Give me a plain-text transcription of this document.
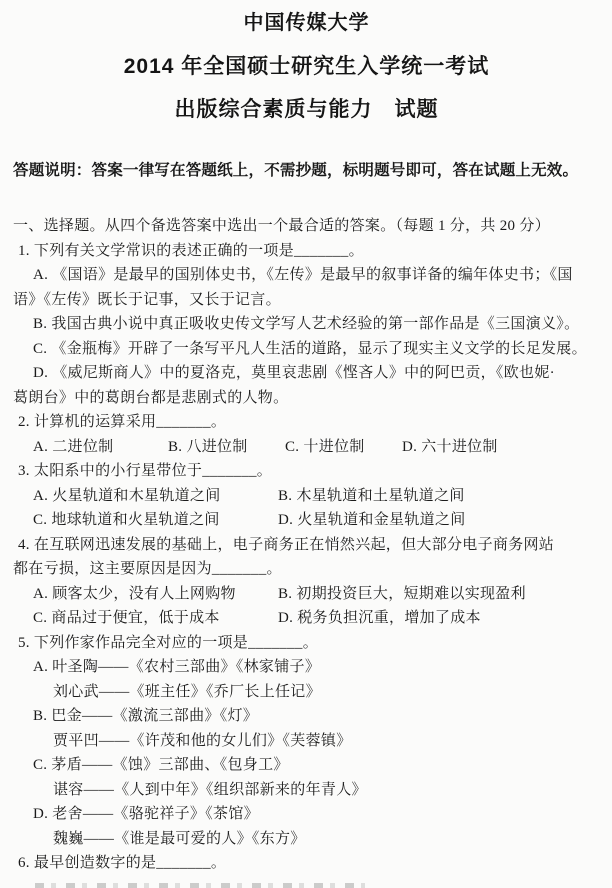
中国传媒大学
2014 年全国硕士研究生入学统一考试
出版综合素质与能力　试题
答题说明：答案一律写在答题纸上，不需抄题，标明题号即可，答在试题上无效。
一、选择题。从四个备选答案中选出一个最合适的答案。（每题 1 分，共 20 分）
1. 下列有关文学常识的表述正确的一项是_______。
A. 《国语》是最早的国别体史书，《左传》是最早的叙事详备的编年体史书；《国
语》《左传》既长于记事，又长于记言。
B. 我国古典小说中真正吸收史传文学写人艺术经验的第一部作品是《三国演义》。
C. 《金瓶梅》开辟了一条写平凡人生活的道路，显示了现实主义文学的长足发展。
D. 《威尼斯商人》中的夏洛克，莫里哀悲剧《悭吝人》中的阿巴贡，《欧也妮·
葛朗台》中的葛朗台都是悲剧式的人物。
2. 计算机的运算采用_______。
A. 二进位制	B. 八进位制	C. 十进位制	D. 六十进位制
3. 太阳系中的小行星带位于_______。
A. 火星轨道和木星轨道之间	B. 木星轨道和土星轨道之间
C. 地球轨道和火星轨道之间	D. 火星轨道和金星轨道之间
4. 在互联网迅速发展的基础上，电子商务正在悄然兴起，但大部分电子商务网站
都在亏损，这主要原因是因为_______。
A. 顾客太少，没有人上网购物	B. 初期投资巨大，短期难以实现盈利
C. 商品过于便宜，低于成本	D. 税务负担沉重，增加了成本
5. 下列作家作品完全对应的一项是_______。
A. 叶圣陶——《农村三部曲》《林家铺子》
刘心武——《班主任》《乔厂长上任记》
B. 巴金——《激流三部曲》《灯》
贾平凹——《许茂和他的女儿们》《芙蓉镇》
C. 茅盾——《蚀》三部曲、《包身工》
谌容——《人到中年》《组织部新来的年青人》
D. 老舍——《骆驼祥子》《茶馆》
魏巍——《谁是最可爱的人》《东方》
6. 最早创造数字的是_______。
